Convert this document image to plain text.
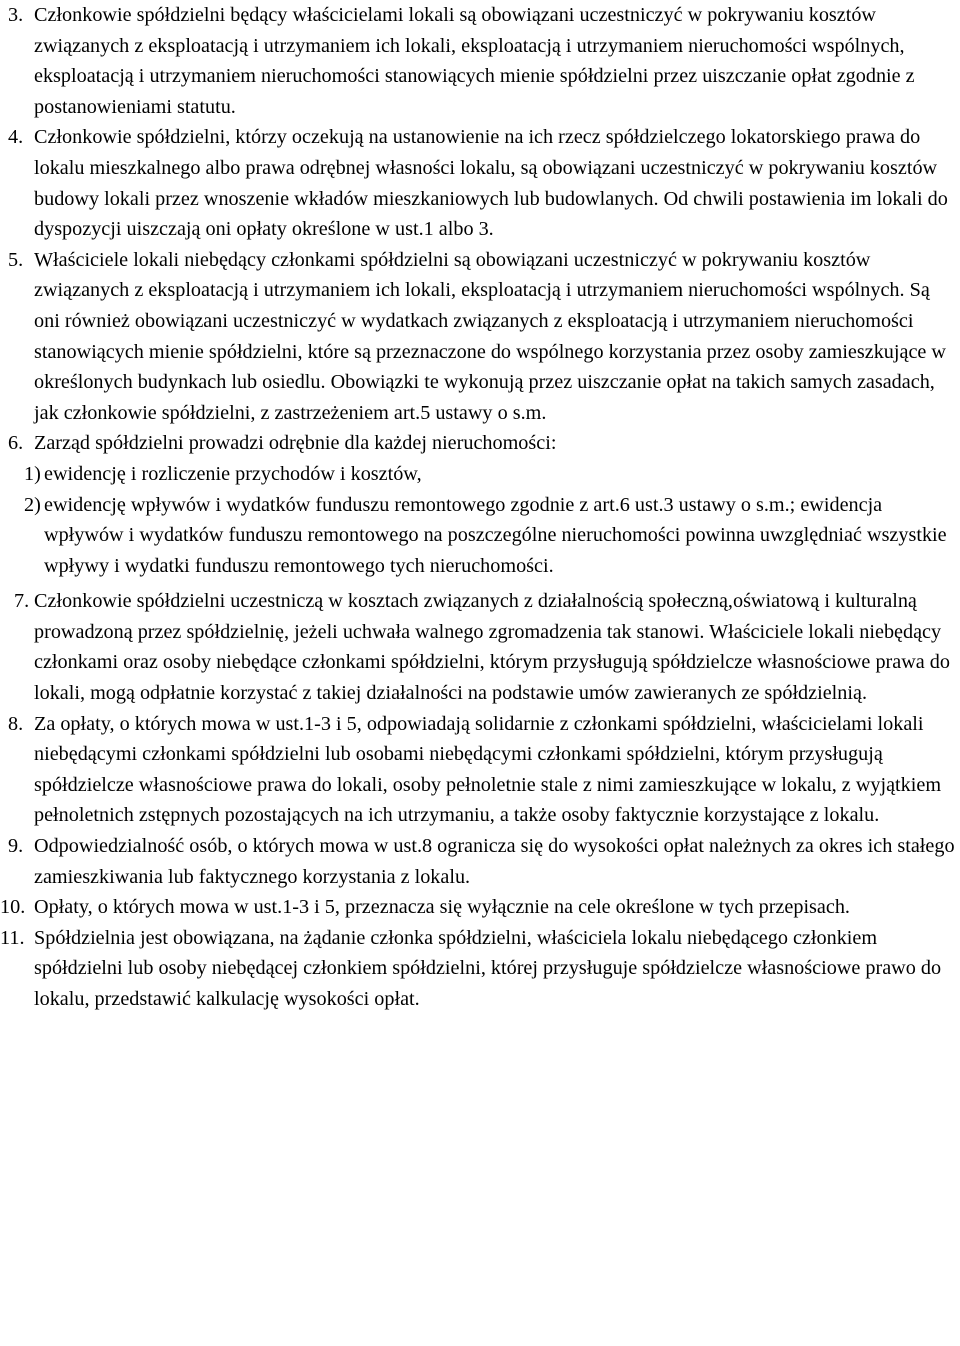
3. Członkowie spółdzielni będący właścicielami lokali są obowiązani uczestniczyć w pokrywaniu kosztów związanych z eksploatacją i utrzymaniem ich lokali, eksploatacją i utrzymaniem nieruchomości wspólnych, eksploatacją i utrzymaniem nieruchomości stanowiących mienie spółdzielni przez uiszczanie opłat zgodnie z postanowieniami statutu.
4. Członkowie spółdzielni, którzy oczekują na ustanowienie na ich rzecz spółdzielczego lokatorskiego prawa do lokalu mieszkalnego albo prawa odrębnej własności lokalu, są obowiązani uczestniczyć w pokrywaniu kosztów budowy lokali przez wnoszenie wkładów mieszkaniowych lub budowlanych. Od chwili postawienia im lokali do dyspozycji uiszczają oni opłaty określone w ust.1 albo 3.
5. Właściciele lokali niebędący członkami spółdzielni są obowiązani uczestniczyć w pokrywaniu kosztów związanych z eksploatacją i utrzymaniem ich lokali, eksploatacją i utrzymaniem nieruchomości wspólnych. Są oni również obowiązani uczestniczyć w wydatkach związanych z eksploatacją i utrzymaniem nieruchomości stanowiących mienie spółdzielni, które są przeznaczone do wspólnego korzystania przez osoby zamieszkujące w określonych budynkach lub osiedlu. Obowiązki te wykonują przez uiszczanie opłat na takich samych zasadach, jak członkowie spółdzielni, z zastrzeżeniem art.5 ustawy o s.m.
6. Zarząd spółdzielni prowadzi odrębnie dla każdej nieruchomości:
1) ewidencję i rozliczenie przychodów i kosztów,
2) ewidencję wpływów i wydatków funduszu remontowego zgodnie z art.6 ust.3 ustawy o s.m.; ewidencja wpływów i wydatków funduszu remontowego na poszczególne nieruchomości powinna uwzględniać wszystkie wpływy i wydatki funduszu remontowego tych nieruchomości.
7. Członkowie spółdzielni uczestniczą w kosztach związanych z działalnością społeczną,oświatową i kulturalną prowadzoną przez spółdzielnię, jeżeli uchwała walnego zgromadzenia tak stanowi. Właściciele lokali niebędący członkami oraz osoby niebędące członkami spółdzielni, którym przysługują spółdzielcze własnościowe prawa do lokali, mogą odpłatnie korzystać z takiej działalności na podstawie umów zawieranych ze spółdzielnią.
8. Za opłaty, o których mowa w ust.1-3 i 5, odpowiadają solidarnie z członkami spółdzielni, właścicielami lokali niebędącymi członkami spółdzielni lub osobami niebędącymi członkami spółdzielni, którym przysługują spółdzielcze własnościowe prawa do lokali, osoby pełnoletnie stale z nimi zamieszkujące w lokalu, z wyjątkiem pełnoletnich zstępnych pozostających na ich utrzymaniu, a także osoby faktycznie korzystające z lokalu.
9. Odpowiedzialność osób, o których mowa w ust.8 ogranicza się do wysokości opłat należnych za okres ich stałego zamieszkiwania lub faktycznego korzystania z lokalu.
10. Opłaty, o których mowa w ust.1-3 i 5, przeznacza się wyłącznie na cele określone w tych przepisach.
11. Spółdzielnia jest obowiązana, na żądanie członka spółdzielni, właściciela lokalu niebędącego członkiem spółdzielni lub osoby niebędącej członkiem spółdzielni, której przysługuje spółdzielcze własnościowe prawo do lokalu, przedstawić kalkulację wysokości opłat.
